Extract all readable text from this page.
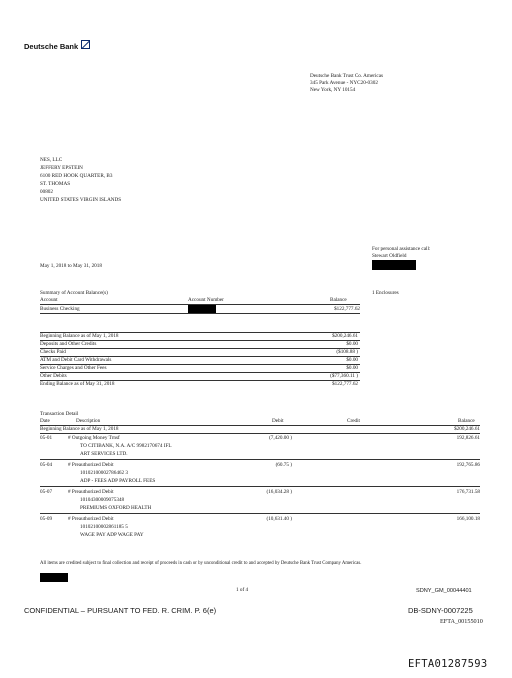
Deutsche Bank
Deutsche Bank Trust Co. Americas
345 Park Avenue - NYC20-0302
New York, NY 10154
NES, LLC
JEFFERY EPSTEIN
6100 RED HOOK QUARTER, B3
ST. THOMAS
00802
UNITED STATES VIRGIN ISLANDS
For personal assistance call:
Stewart Oldfield
May 1, 2018 to May 31, 2018
Summary of Account Balance(s)	1 Enclosures
Account	Account Number	Balance
Business Checking	$122,777.62
Beginning Balance as of May 1, 2018	$200,246.61
Deposits and Other Credits	$0.00
Checks Paid	($108.88 )
ATM and Debit Card Withdrawals	$0.00
Service Charges and Other Fees	$0.00
Other Debits	($77,360.11 )
Ending Balance as of May 31, 2018	$122,777.62
Transaction Detail
Date	Description	Debit	Credit	Balance
Beginning Balance as of May 1, 2018	$200,246.61
05-01	# Outgoing Money Trnsf
TO CITIBANK, N.A. A/C 9982170674 IFL
ART SERVICES LTD.
(7,420.00 )	192,826.61
05-04	# Preauthorized Debit
10102100002786462 3
ADP - FEES ADP PAYROLL FEES
(60.75 )	192,765.86
05-07	# Preauthorized Debit
10104300009075348
PREMIUMS OXFORD HEALTH
(16,034.28 )	176,731.58
05-09	# Preauthorized Debit
10102100002861185 5
WAGE PAY ADP WAGE PAY
(10,631.40 )	166,100.18
All items are credited subject to final collection and receipt of proceeds in cash or by unconditional credit to and accepted by Deutsche Bank Trust Company Americas.
1 of 4	SDNY_GM_00044401
CONFIDENTIAL – PURSUANT TO FED. R. CRIM. P. 6(e)	DB-SDNY-0007225
EFTA_00155010
EFTA01287593
